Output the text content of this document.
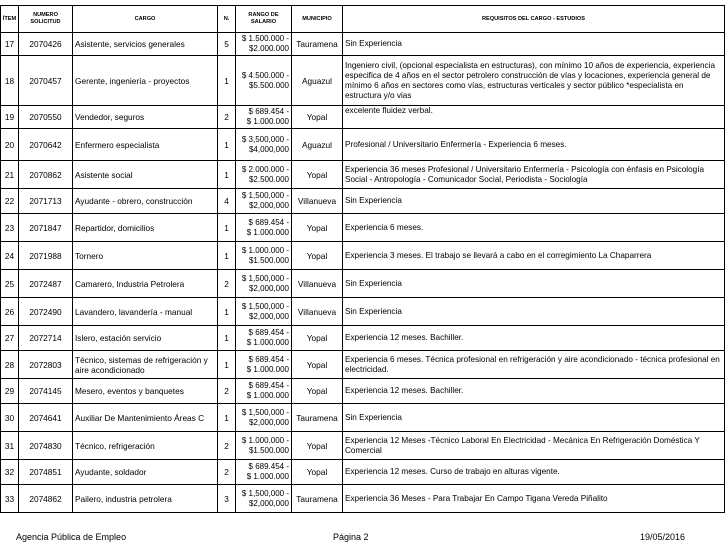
ÍTEM	NUMERO SOLICITUD	CARGO	N.	RANGO DE SALARIO	MUNICIPIO	REQUISITOS DEL CARGO - ESTUDIOS
17	2070426	Asistente, servicios generales	5	$ 1.500.000 -
$2.000.000	Tauramena	Sin Experiencia
18	2070457	Gerente, ingeniería - proyectos	1	$ 4.500.000 -
$5.500.000	Aguazul	Ingeniero civil, (opcional especialista en estructuras), con mínimo 10 años de experiencia, experiencia especifica de 4 años en el sector petrolero construcción de vías y locaciones, experiencia general de mínimo 6 años en sectores como vías, estructuras verticales y sector público *especialista en estructura y/o vias
19	2070550	Vendedor, seguros	2	$ 689.454 -
$ 1.000.000	Yopal	excelente fluidez verbal.
20	2070642	Enfermero especialista	1	$ 3,500,000 -
$4,000,000	Aguazul	Profesional / Universitario Enfermería - Experiencia 6 meses.
21	2070862	Asistente social	1	$ 2.000.000 -
$2.500.000	Yopal	Experiencia 36 meses Profesional / Universitario Enfermería - Psicología con énfasis en Psicología Social - Antropología - Comunicador Social, Periodista - Sociología
22	2071713	Ayudante - obrero, construcción	4	$ 1,500,000 -
$2,000,000	Villanueva	Sin Experiencia
23	2071847	Repartidor, domicilios	1	$ 689.454 -
$ 1.000.000	Yopal	Experiencia 6 meses.
24	2071988	Tornero	1	$ 1.000.000 -
$1.500.000	Yopal	Experiencia 3 meses. El trabajo se llevará a cabo en el corregimiento La Chaparrera
25	2072487	Camarero, Industria Petrolera	2	$ 1,500,000 -
$2,000,000	Villanueva	Sin Experiencia
26	2072490	Lavandero, lavandería - manual	1	$ 1,500,000 -
$2,000,000	Villanueva	Sin Experiencia
27	2072714	Islero, estación servicio	1	$ 689.454 -
$ 1.000.000	Yopal	Experiencia 12 meses. Bachiller.
28	2072803	Técnico, sistemas de refrigeración y aire acondicionado	1	$ 689.454 -
$ 1.000.000	Yopal	Experiencia 6 meses. Técnica profesional en refrigeración y aire acondicionado - técnica profesional en electricidad.
29	2074145	Mesero, eventos y banquetes	2	$ 689.454 -
$ 1.000.000	Yopal	Experiencia 12 meses. Bachiller.
30	2074641	Auxiliar De Mantenimiento Áreas C	1	$ 1,500,000 -
$2,000,000	Tauramena	Sin Experiencia
31	2074830	Técnico, refrigeración	2	$ 1.000.000 -
$1.500.000	Yopal	Experiencia 12 Meses -Técnico Laboral En Electricidad - Mecánica En Refrigeración Doméstica Y Comercial
32	2074851	Ayudante, soldador	2	$ 689.454 -
$ 1.000.000	Yopal	Experiencia 12 meses. Curso de trabajo en alturas vigente.
33	2074862	Pailero, industria petrolera	3	$ 1,500,000 -
$2,000,000	Tauramena	Experiencia 36 Meses - Para Trabajar En Campo Tigana Vereda Piñalito
Agencia Pública de Empleo	Página 2	19/05/2016
